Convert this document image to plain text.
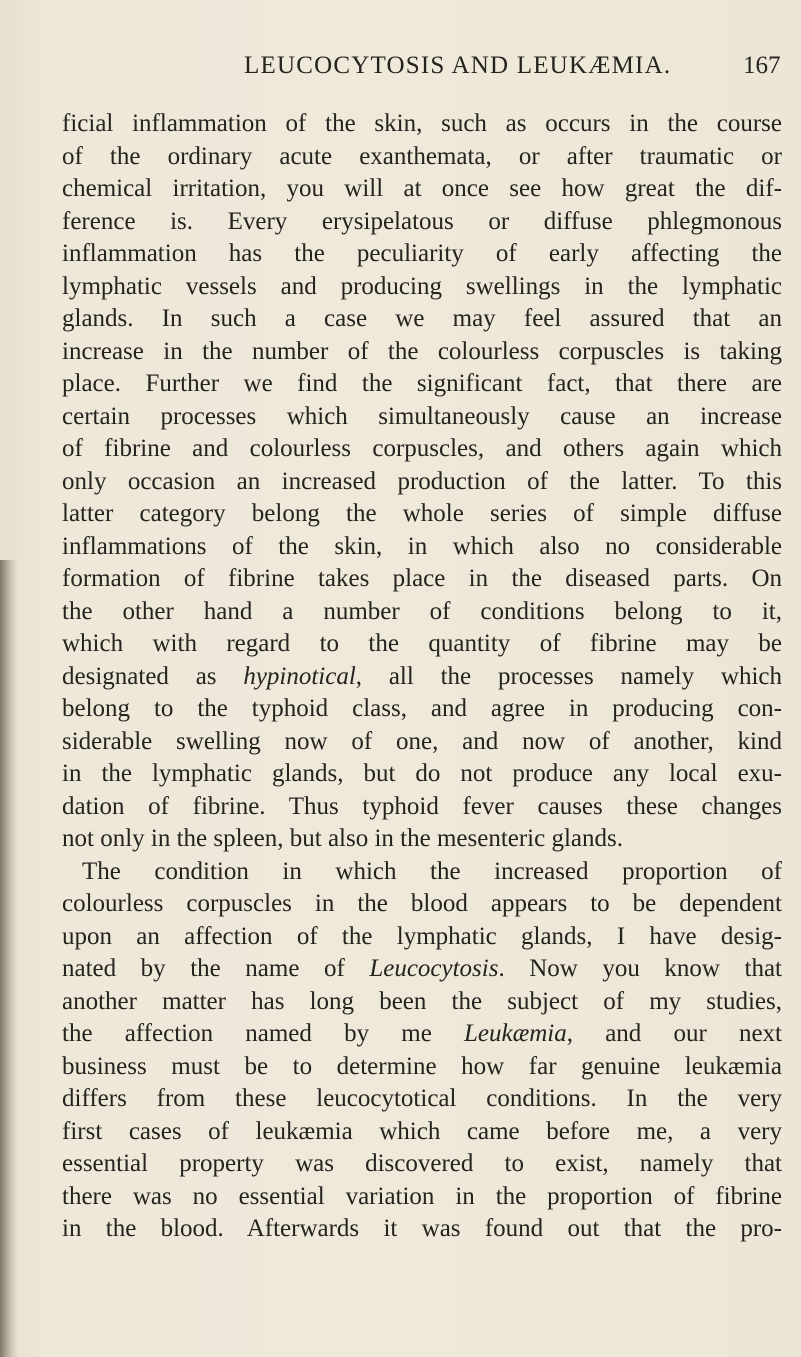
LEUCOCYTOSIS AND LEUKÆMIA.	167
ficial inflammation of the skin, such as occurs in the course
of the ordinary acute exanthemata, or after traumatic or
chemical irritation, you will at once see how great the dif-
ference is. Every erysipelatous or diffuse phlegmonous
inflammation has the peculiarity of early affecting the
lymphatic vessels and producing swellings in the lymphatic
glands. In such a case we may feel assured that an
increase in the number of the colourless corpuscles is taking
place. Further we find the significant fact, that there are
certain processes which simultaneously cause an increase
of fibrine and colourless corpuscles, and others again which
only occasion an increased production of the latter. To this
latter category belong the whole series of simple diffuse
inflammations of the skin, in which also no considerable
formation of fibrine takes place in the diseased parts. On
the other hand a number of conditions belong to it,
which with regard to the quantity of fibrine may be
designated as hypinotical, all the processes namely which
belong to the typhoid class, and agree in producing con-
siderable swelling now of one, and now of another, kind
in the lymphatic glands, but do not produce any local exu-
dation of fibrine. Thus typhoid fever causes these changes
not only in the spleen, but also in the mesenteric glands.
The condition in which the increased proportion of
colourless corpuscles in the blood appears to be dependent
upon an affection of the lymphatic glands, I have desig-
nated by the name of Leucocytosis. Now you know that
another matter has long been the subject of my studies,
the affection named by me Leukæmia, and our next
business must be to determine how far genuine leukæmia
differs from these leucocytotical conditions. In the very
first cases of leukæmia which came before me, a very
essential property was discovered to exist, namely that
there was no essential variation in the proportion of fibrine
in the blood. Afterwards it was found out that the pro-
